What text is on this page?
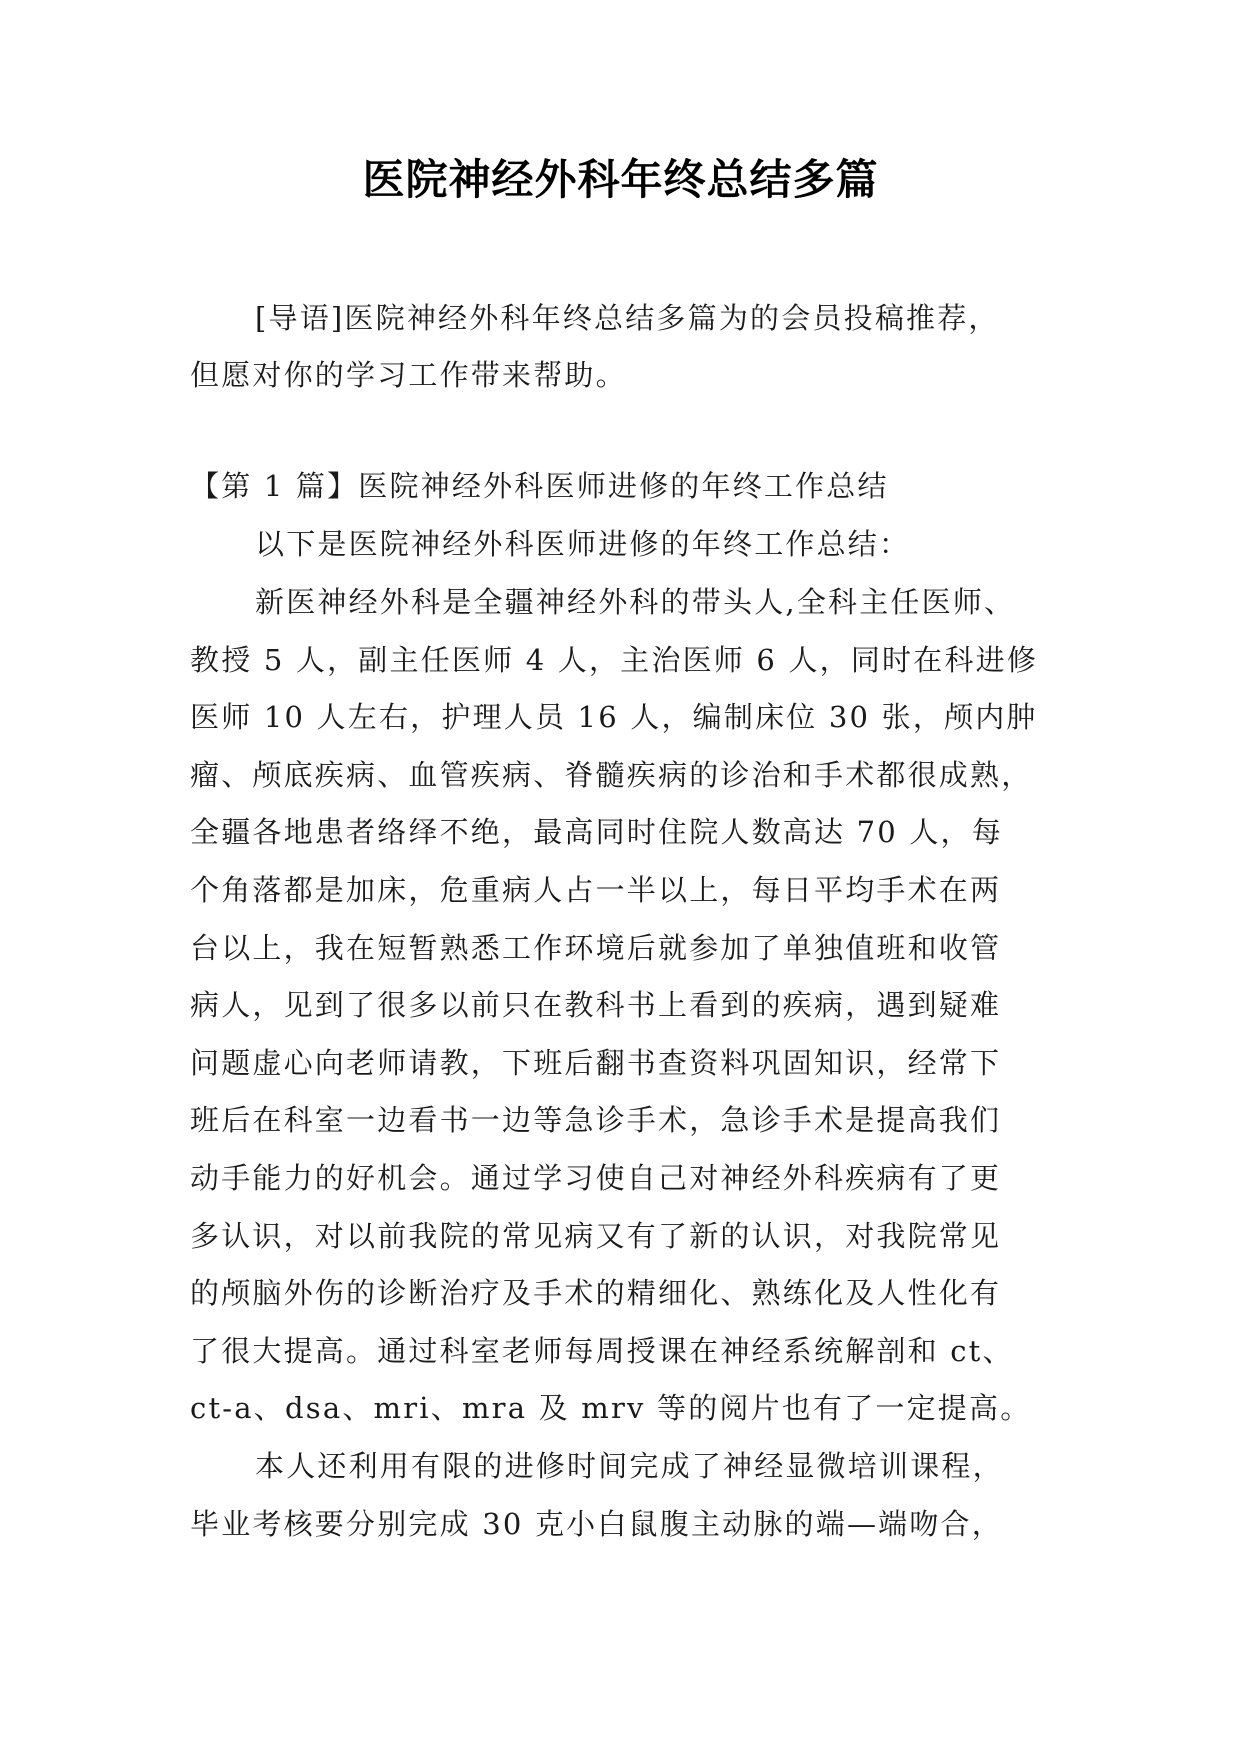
医院神经外科年终总结多篇
[导语]医院神经外科年终总结多篇为的会员投稿推荐，
但愿对你的学习工作带来帮助。
【第 1 篇】医院神经外科医师进修的年终工作总结
以下是医院神经外科医师进修的年终工作总结：
新医神经外科是全疆神经外科的带头人,全科主任医师、
教授 5 人，副主任医师 4 人，主治医师 6 人，同时在科进修
医师 10 人左右，护理人员 16 人，编制床位 30 张，颅内肿
瘤、颅底疾病、血管疾病、脊髓疾病的诊治和手术都很成熟，
全疆各地患者络绎不绝，最高同时住院人数高达 70 人，每
个角落都是加床，危重病人占一半以上，每日平均手术在两
台以上，我在短暂熟悉工作环境后就参加了单独值班和收管
病人，见到了很多以前只在教科书上看到的疾病，遇到疑难
问题虚心向老师请教，下班后翻书查资料巩固知识，经常下
班后在科室一边看书一边等急诊手术，急诊手术是提高我们
动手能力的好机会。通过学习使自己对神经外科疾病有了更
多认识，对以前我院的常见病又有了新的认识，对我院常见
的颅脑外伤的诊断治疗及手术的精细化、熟练化及人性化有
了很大提高。通过科室老师每周授课在神经系统解剖和 ct、
ct-a、dsa、mri、mra 及 mrv 等的阅片也有了一定提高。
本人还利用有限的进修时间完成了神经显微培训课程，
毕业考核要分别完成 30 克小白鼠腹主动脉的端—端吻合，
